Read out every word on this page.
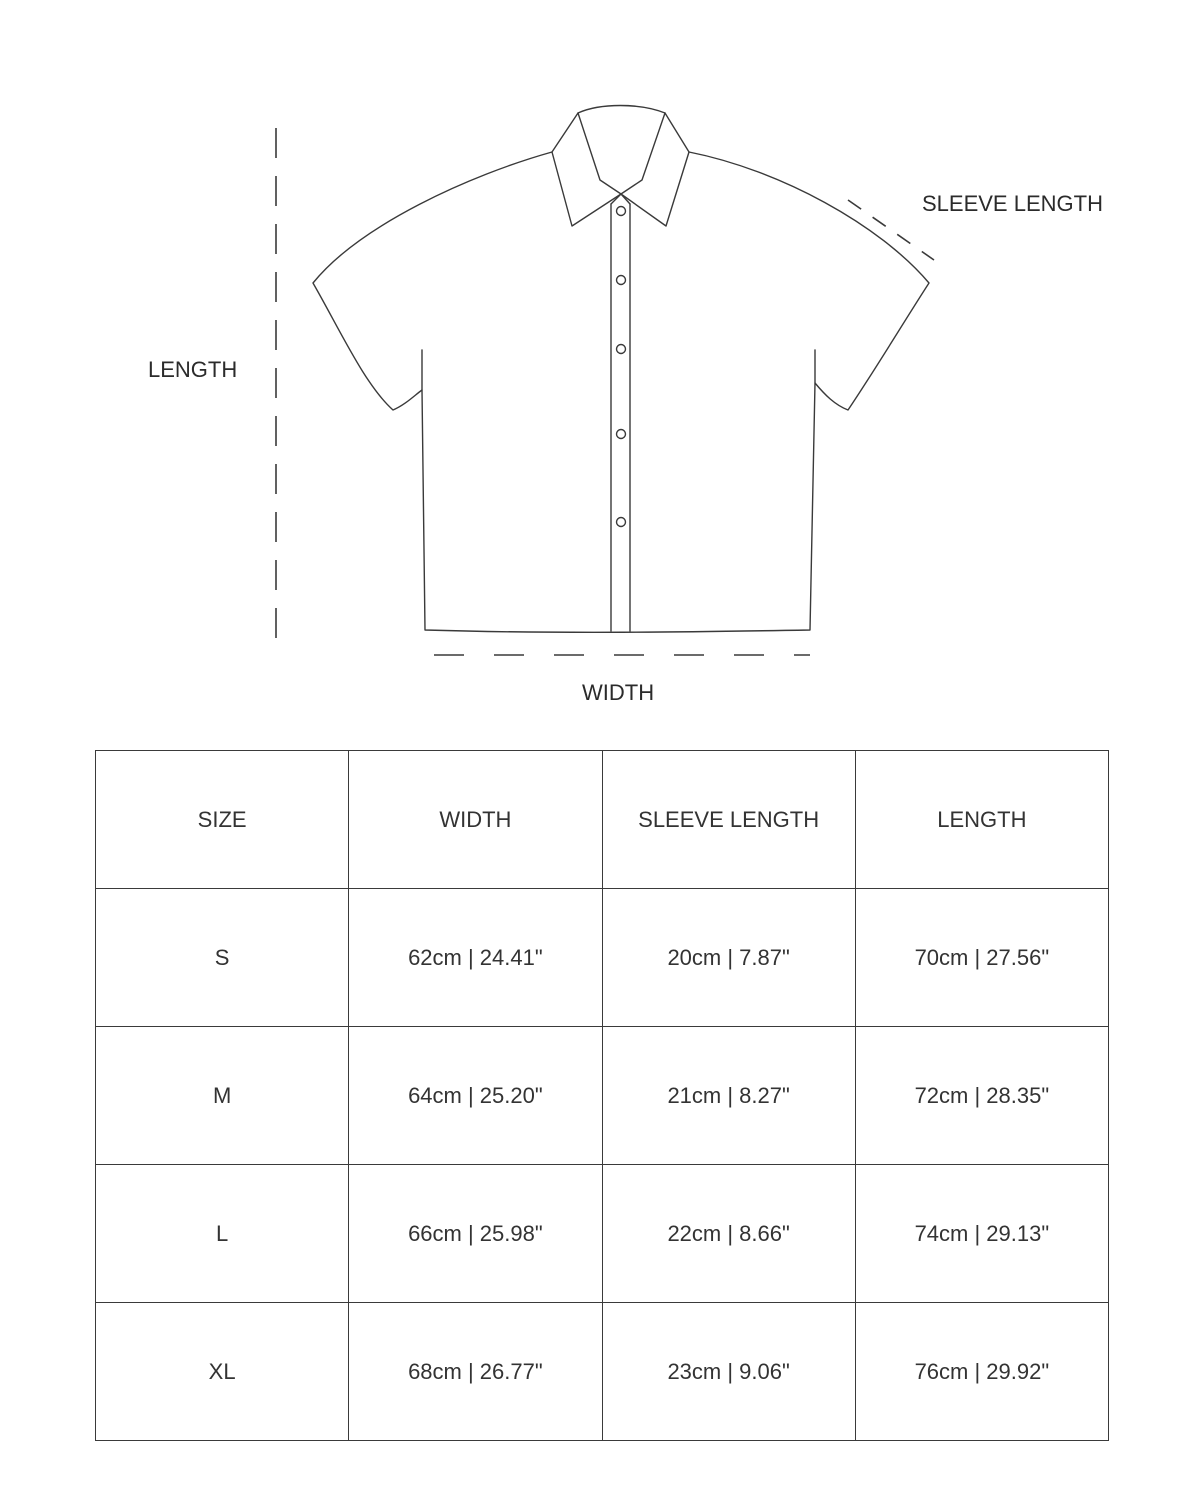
LENGTH
SLEEVE LENGTH
WIDTH
SIZE	WIDTH	SLEEVE LENGTH	LENGTH
S	62cm | 24.41"	20cm | 7.87"	70cm | 27.56"
M	64cm | 25.20"	21cm | 8.27"	72cm | 28.35"
L	66cm | 25.98"	22cm | 8.66"	74cm | 29.13"
XL	68cm | 26.77"	23cm | 9.06"	76cm | 29.92"
